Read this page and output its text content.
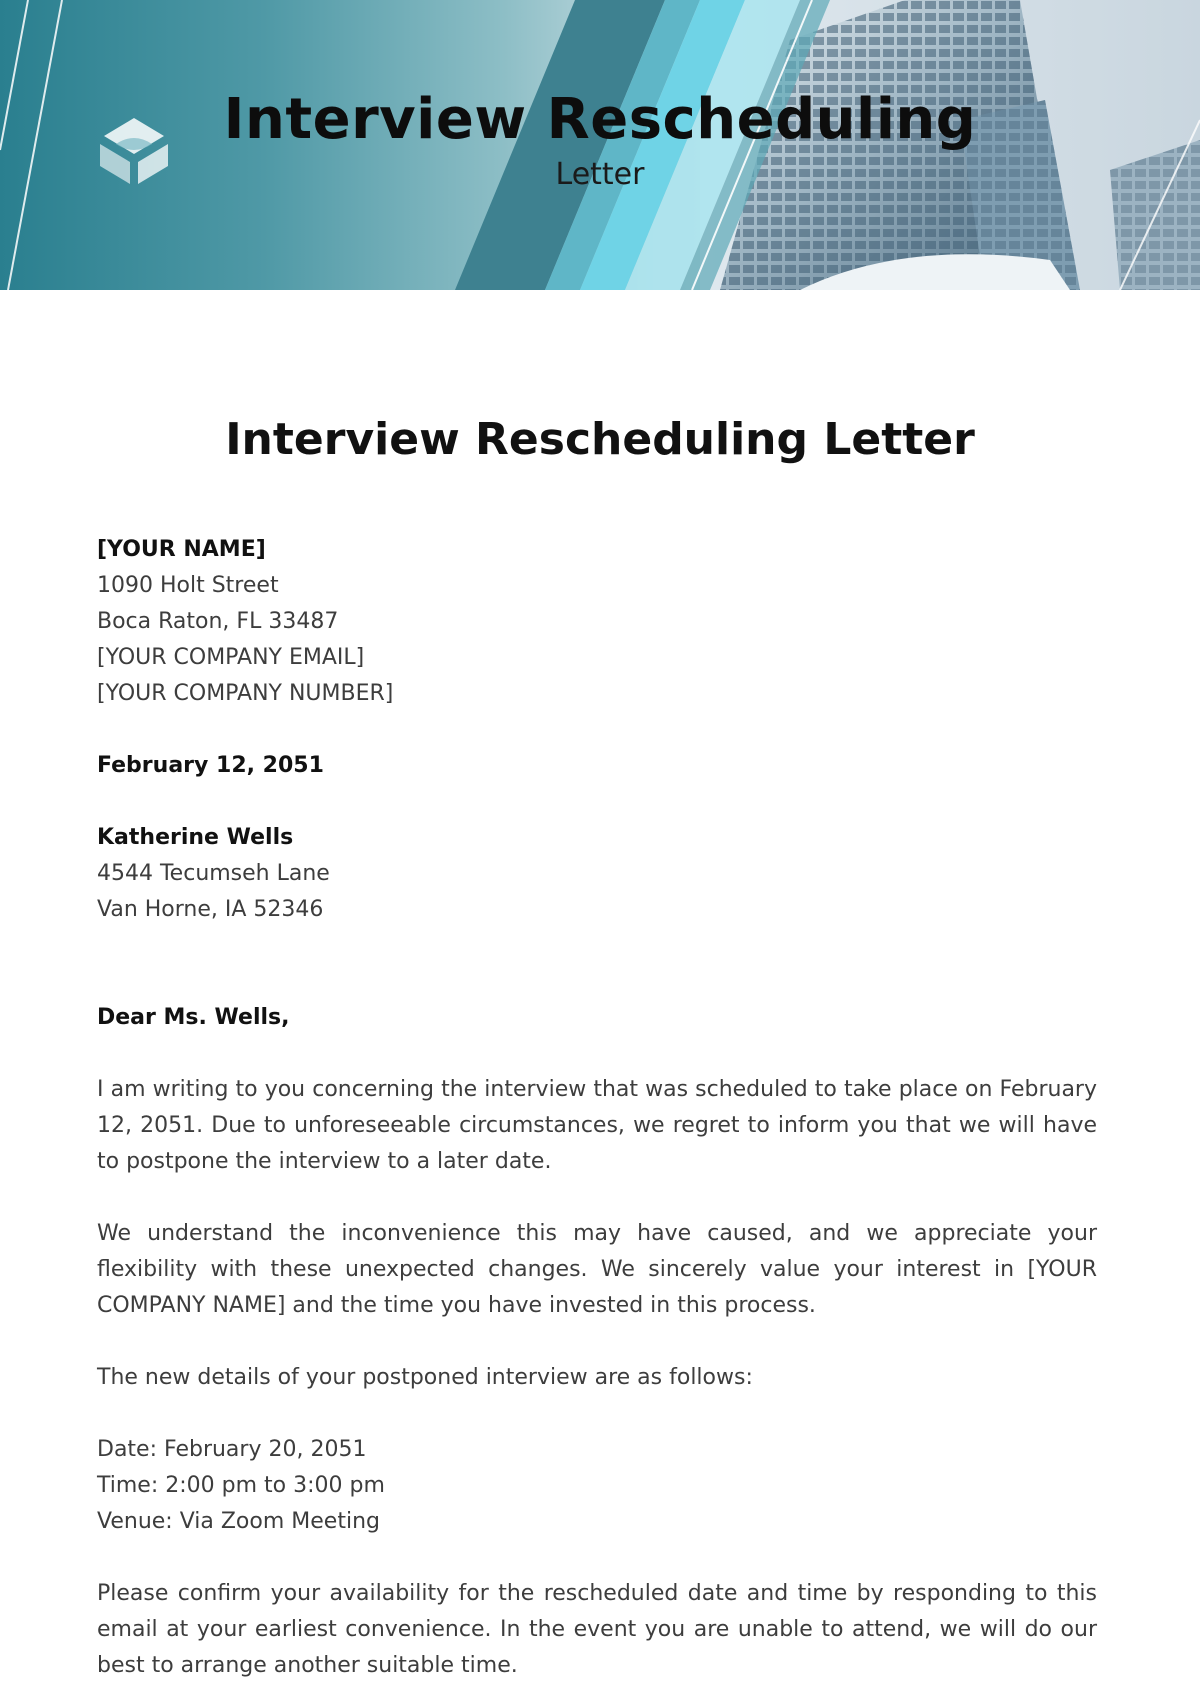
Interview Rescheduling
Letter
Interview Rescheduling Letter
[YOUR NAME]
1090 Holt Street
Boca Raton, FL 33487
[YOUR COMPANY EMAIL]
[YOUR COMPANY NUMBER]
February 12, 2051
Katherine Wells
4544 Tecumseh Lane
Van Horne, IA 52346
Dear Ms. Wells,

I am writing to you concerning the interview that was scheduled to take place on February 12, 2051. Due to unforeseeable circumstances, we regret to inform you that we will have to postpone the interview to a later date.

We understand the inconvenience this may have caused, and we appreciate your flexibility with these unexpected changes. We sincerely value your interest in [YOUR COMPANY NAME] and the time you have invested in this process.

The new details of your postponed interview are as follows:

Date: February 20, 2051
Time: 2:00 pm to 3:00 pm
Venue: Via Zoom Meeting

Please confirm your availability for the rescheduled date and time by responding to this email at your earliest convenience. In the event you are unable to attend, we will do our best to arrange another suitable time.
